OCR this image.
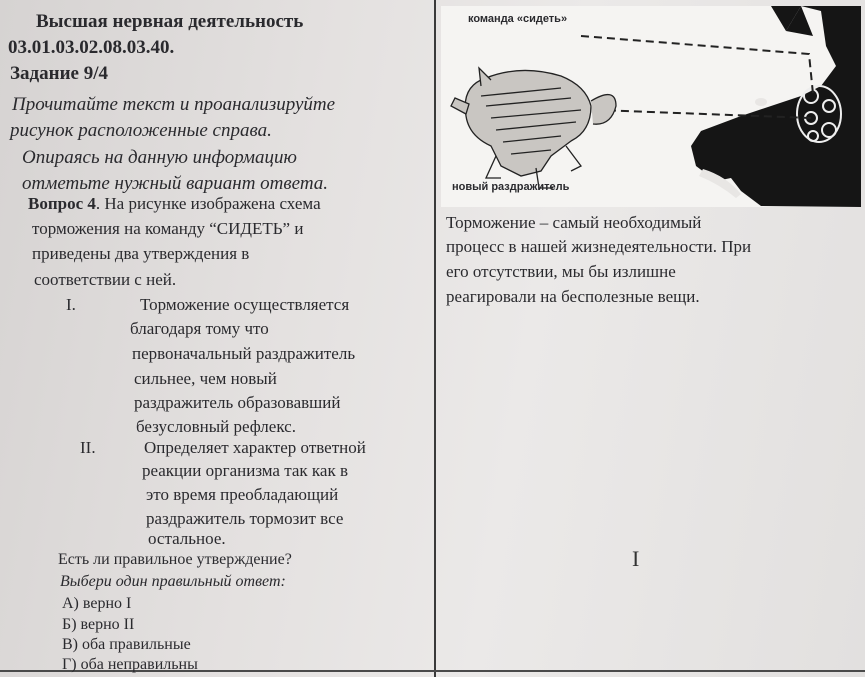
Высшая нервная деятельность
03.01.03.02.08.03.40.
Задание 9/4
Прочитайте текст и проанализируйте
рисунок расположенные справа.
Опираясь на данную информацию
отметьте нужный вариант ответа.
Вопрос 4. На рисунке изображена схема
торможения на команду “СИДЕТЬ” и
приведены два утверждения в
соответствии с ней.
I.	Торможение осуществляется
благодаря тому что
первоначальный раздражитель
сильнее, чем новый
раздражитель образовавший
безусловный рефлекс.
II.	Определяет характер ответной
реакции организма так как в
это время преобладающий
раздражитель тормозит все
остальное.
Есть ли правильное утверждение?
Выбери один правильный ответ:
А) верно I
Б) верно II
В) оба правильные
Г) оба неправильны
команда «сидеть»
новый раздражитель
Торможение – самый необходимый
процесс в нашей жизнедеятельности. При
его отсутствии, мы бы излишне
реагировали на бесполезные вещи.
I
